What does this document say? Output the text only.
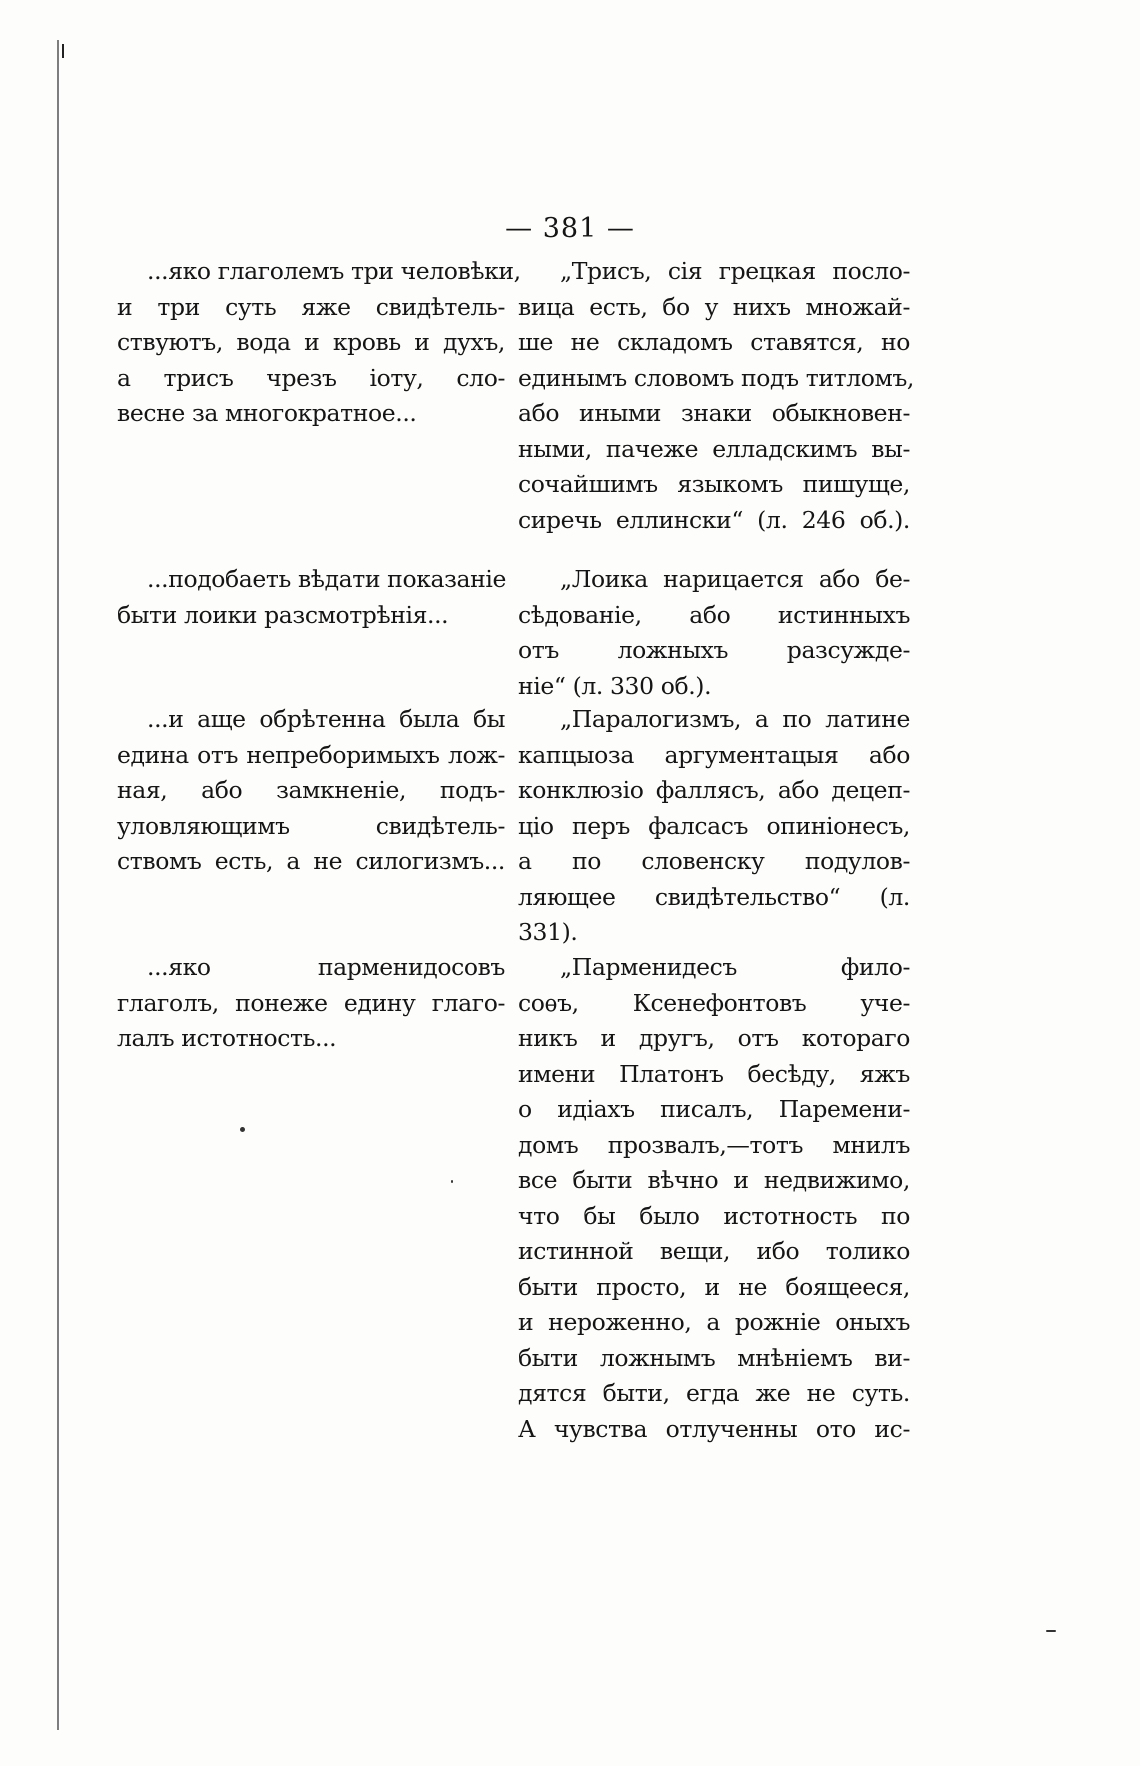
— 381 —
...яко глаголемъ три человѣки,
и три суть яже свидѣтель-
ствуютъ, вода и кровь и духъ,
а трисъ чрезъ іоту, сло-
весне за многократное...
...подобаеть вѣдати показаніе
быти лоики разсмотрѣнія...
...и аще обрѣтенна была бы
едина отъ непреборимыхъ лож-
ная, або замкненіе, подъ-
уловляющимъ свидѣтель-
ствомъ есть, а не силогизмъ...
...яко парменидосовъ
глаголъ, понеже едину глаго-
лалъ истотность...
„Трисъ, сія грецкая посло-
вица есть, бо у нихъ множай-
ше не складомъ ставятся, но
единымъ словомъ подъ титломъ,
або иными знаки обыкновен-
ными, пачеже елладскимъ вы-
сочайшимъ языкомъ пишуще,
сиречь еллински“ (л. 246 об.).
„Лоика нарицается або бе-
сѣдованіе, або истинныхъ
отъ ложныхъ разсужде-
ніе“ (л. 330 об.).
„Паралогизмъ, а по латине
капцыоза аргументацыя або
конклюзіо фаллясъ, або децеп-
ціо перъ фалсасъ опиніонесъ,
а по словенску подулов-
ляющее свидѣтельство“ (л.
331).
„Парменидесъ фило-
соѳъ, Ксенефонтовъ уче-
никъ и другъ, отъ котораго
имени Платонъ бесѣду, яжъ
о идіахъ писалъ, Паремени-
домъ прозвалъ,—тотъ мнилъ
все быти вѣчно и недвижимо,
что бы было истотность по
истинной вещи, ибо толико
быти просто, и не боящееся,
и нероженно, а рожніе оныхъ
быти ложнымъ мнѣніемъ ви-
дятся быти, егда же не суть.
А чувства отлученны ото ис-
